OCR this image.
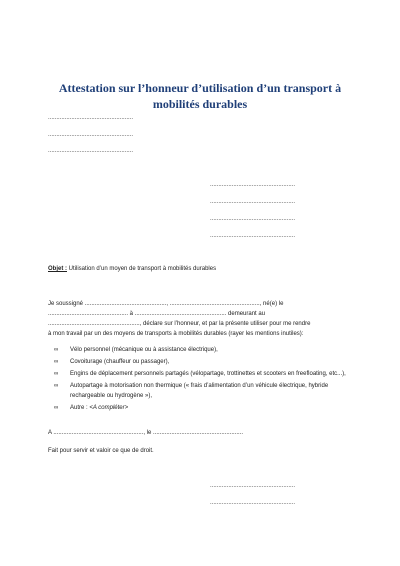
Attestation sur l’honneur d’utilisation d’un transport à
mobilités durables
...................................................
...................................................
...................................................
...................................................
...................................................
...................................................
...................................................
Objet : Utilisation d’un moyen de transport à mobilités durables

Je soussigné ................................................., ......................................................, né(e) le

................................................ à ....................................................... demeurant au

......................................................., déclare sur l’honneur, et par la présente utiliser pour me rendre

à mon travail par un des moyens de transports à mobilités durables (rayer les mentions inutiles):

∞ Vélo personnel (mécanique ou à assistance électrique),
∞ Covoiturage (chauffeur ou passager),
∞ Engins de déplacement personnels partagés (vélopartage, trottinettes et scooters en freefloating, etc...),
∞ Autopartage à motorisation non thermique (« frais d’alimentation d’un véhicule électrique, hybride rechargeable ou hydrogène »),
∞ Autre : <A compléter>
A ......................................................, le ......................................................
Fait pour servir et valoir ce que de droit.
...................................................
...................................................
